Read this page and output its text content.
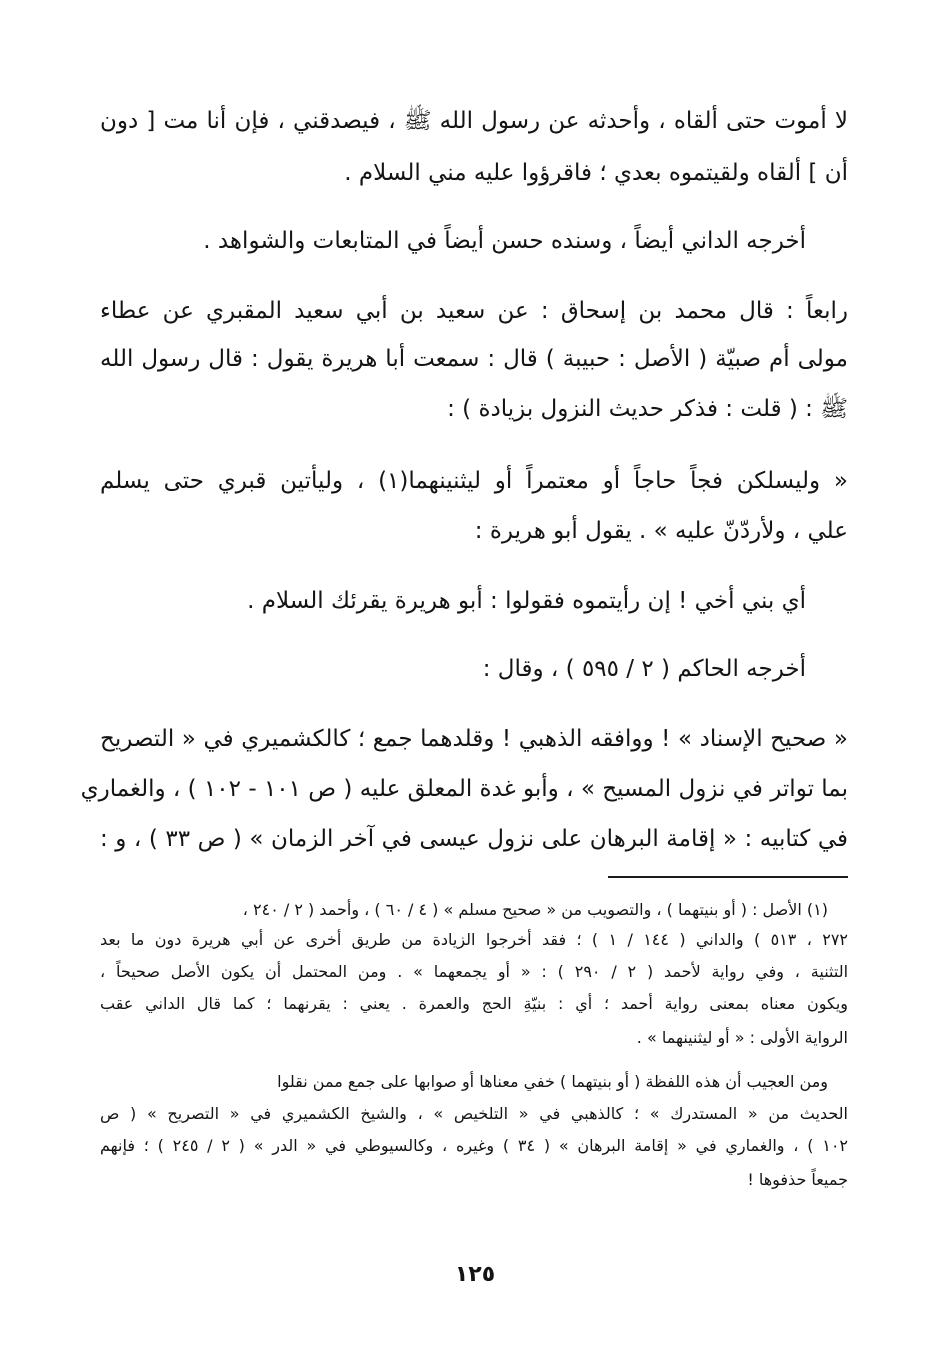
لا أموت حتى ألقاه ، وأحدثه عن رسول الله ﷺ ، فيصدقني ، فإن أنا مت [ دون
أن ] ألقاه ولقيتموه بعدي ؛ فاقرؤوا عليه مني السلام .
أخرجه الداني أيضاً ، وسنده حسن أيضاً في المتابعات والشواهد .
رابعاً : قال محمد بن إسحاق : عن سعيد بن أبي سعيد المقبري عن عطاء
مولى أم صبيّة ( الأصل : حبيبة ) قال : سمعت أبا هريرة يقول : قال رسول الله
ﷺ : ( قلت : فذكر حديث النزول بزيادة ) :
« وليسلكن فجاً حاجاً أو معتمراً أو ليثنينهما(١) ، وليأتين قبري حتى يسلم
علي ، ولأردّنّ عليه » . يقول أبو هريرة :
أي بني أخي ! إن رأيتموه فقولوا : أبو هريرة يقرئك السلام .
أخرجه الحاكم ( ٢ / ٥٩٥ ) ، وقال :
« صحيح الإسناد » ! ووافقه الذهبي ! وقلدهما جمع ؛ كالكشميري في « التصريح
بما تواتر في نزول المسيح » ، وأبو غدة المعلق عليه ( ص ١٠١ - ١٠٢ ) ، والغماري
في كتابيه : « إقامة البرهان على نزول عيسى في آخر الزمان » ( ص ٣٣ ) ، و :
(١) الأصل : ( أو بنيتهما ) ، والتصويب من « صحيح مسلم » ( ٤ / ٦٠ ) ، وأحمد ( ٢ / ٢٤٠ ،
٢٧٢ ، ٥١٣ ) والداني ( ١٤٤ / ١ ) ؛ فقد أخرجوا الزيادة من طريق أخرى عن أبي هريرة دون ما بعد
التثنية ، وفي رواية لأحمد ( ٢ / ٢٩٠ ) : « أو يجمعهما » . ومن المحتمل أن يكون الأصل صحيحاً ،
ويكون معناه بمعنى رواية أحمد ؛ أي : بنيّةِ الحج والعمرة . يعني : يقرنهما ؛ كما قال الداني عقب
الرواية الأولى : « أو ليثنينهما » .
ومن العجيب أن هذه اللفظة ( أو بنيتهما ) خفي معناها أو صوابها على جمع ممن نقلوا
الحديث من « المستدرك » ؛ كالذهبي في « التلخيص » ، والشيخ الكشميري في « التصريح » ( ص
١٠٢ ) ، والغماري في « إقامة البرهان » ( ٣٤ ) وغيره ، وكالسيوطي في « الدر » ( ٢ / ٢٤٥ ) ؛ فإنهم
جميعاً حذفوها !
١٢٥
